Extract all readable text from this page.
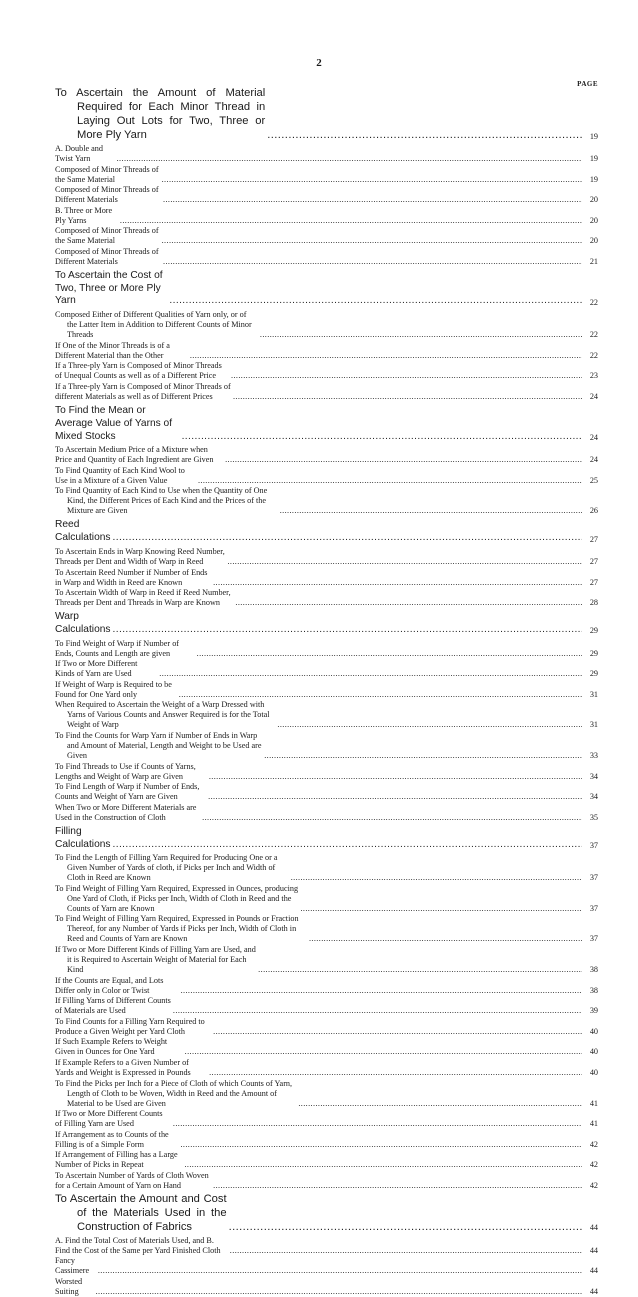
2
PAGE
To Ascertain the Amount of Material Required for Each Minor Thread in Laying Out Lots for Two, Three or More Ply Yarn .....	19
A. Double and Twist Yarn .....	19
Composed of Minor Threads of the Same Material .....	19
Composed of Minor Threads of Different Materials .....	20
B. Three or More Ply Yarns .....	20
Composed of Minor Threads of the Same Material .....	20
Composed of Minor Threads of Different Materials .....	21
To Ascertain the Cost of Two, Three or More Ply Yarn .....	22
Composed Either of Different Qualities of Yarn only, or of the Latter Item in Addition to Different Counts of Minor Threads .....	22
If One of the Minor Threads is of a Different Material than the Other .....	22
If a Three-ply Yarn is Composed of Minor Threads of Unequal Counts as well as of a Different Price .....	23
If a Three-ply Yarn is Composed of Minor Threads of different Materials as well as of Different Prices .....	24
To Find the Mean or Average Value of Yarns of Mixed Stocks .....	24
To Ascertain Medium Price of a Mixture when Price and Quantity of Each Ingredient are Given .....	24
To Find Quantity of Each Kind Wool to Use in a Mixture of a Given Value .....	25
To Find Quantity of Each Kind to Use when the Quantity of One Kind, the Different Prices of Each Kind and the Prices of the Mixture are Given .....	26
Reed Calculations .....	27
To Ascertain Ends in Warp Knowing Reed Number, Threads per Dent and Width of Warp in Reed .....	27
To Ascertain Reed Number if Number of Ends in Warp and Width in Reed are Known .....	27
To Ascertain Width of Warp in Reed if Reed Number, Threads per Dent and Threads in Warp are Known .....	28
Warp Calculations .....	29
To Find Weight of Warp if Number of Ends, Counts and Length are given .....	29
If Two or More Different Kinds of Yarn are Used .....	29
If Weight of Warp is Required to be Found for One Yard only .....	31
When Required to Ascertain the Weight of a Warp Dressed with Yarns of Various Counts and Answer Required is for the Total Weight of Warp .....	31
To Find the Counts for Warp Yarn if Number of Ends in Warp and Amount of Material, Length and Weight to be Used are Given .....	33
To Find Threads to Use if Counts of Yarns, Lengths and Weight of Warp are Given .....	34
To Find Length of Warp if Number of Ends, Counts and Weight of Yarn are Given .....	34
When Two or More Different Materials are Used in the Construction of Cloth .....	35
Filling Calculations .....	37
To Find the Length of Filling Yarn Required for Producing One or a Given Number of Yards of cloth, if Picks per Inch and Width of Cloth in Reed are Known .....	37
To Find Weight of Filling Yarn Required, Expressed in Ounces, producing One Yard of Cloth, if Picks per Inch, Width of Cloth in Reed and the Counts of Yarn are Known .....	37
To Find Weight of Filling Yarn Required, Expressed in Pounds or Fraction Thereof, for any Number of Yards if Picks per Inch, Width of Cloth in Reed and Counts of Yarn are Known .....	37
If Two or More Different Kinds of Filling Yarn are Used, and it is Required to Ascertain Weight of Material for Each Kind .....	38
If the Counts are Equal, and Lots Differ only in Color or Twist .....	38
If Filling Yarns of Different Counts of Materials are Used .....	39
To Find Counts for a Filling Yarn Required to Produce a Given Weight per Yard Cloth .....	40
If Such Example Refers to Weight Given in Ounces for One Yard .....	40
If Example Refers to a Given Number of Yards and Weight is Expressed in Pounds .....	40
To Find the Picks per Inch for a Piece of Cloth of which Counts of Yarn, Length of Cloth to be Woven, Width in Reed and the Amount of Material to be Used are Given .....	41
If Two or More Different Counts of Filling Yarn are Used .....	41
If Arrangement as to Counts of the Filling is of a Simple Form .....	42
If Arrangement of Filling has a Large Number of Picks in Repeat .....	42
To Ascertain Number of Yards of Cloth Woven for a Certain Amount of Yarn on Hand .....	42
To Ascertain the Amount and Cost of the Materials Used in the Construction of Fabrics .....	44
A. Find the Total Cost of Materials Used, and B. Find the Cost of the Same per Yard Finished Cloth .....	44
Fancy Cassimere .....	44
Worsted Suiting .....	44
